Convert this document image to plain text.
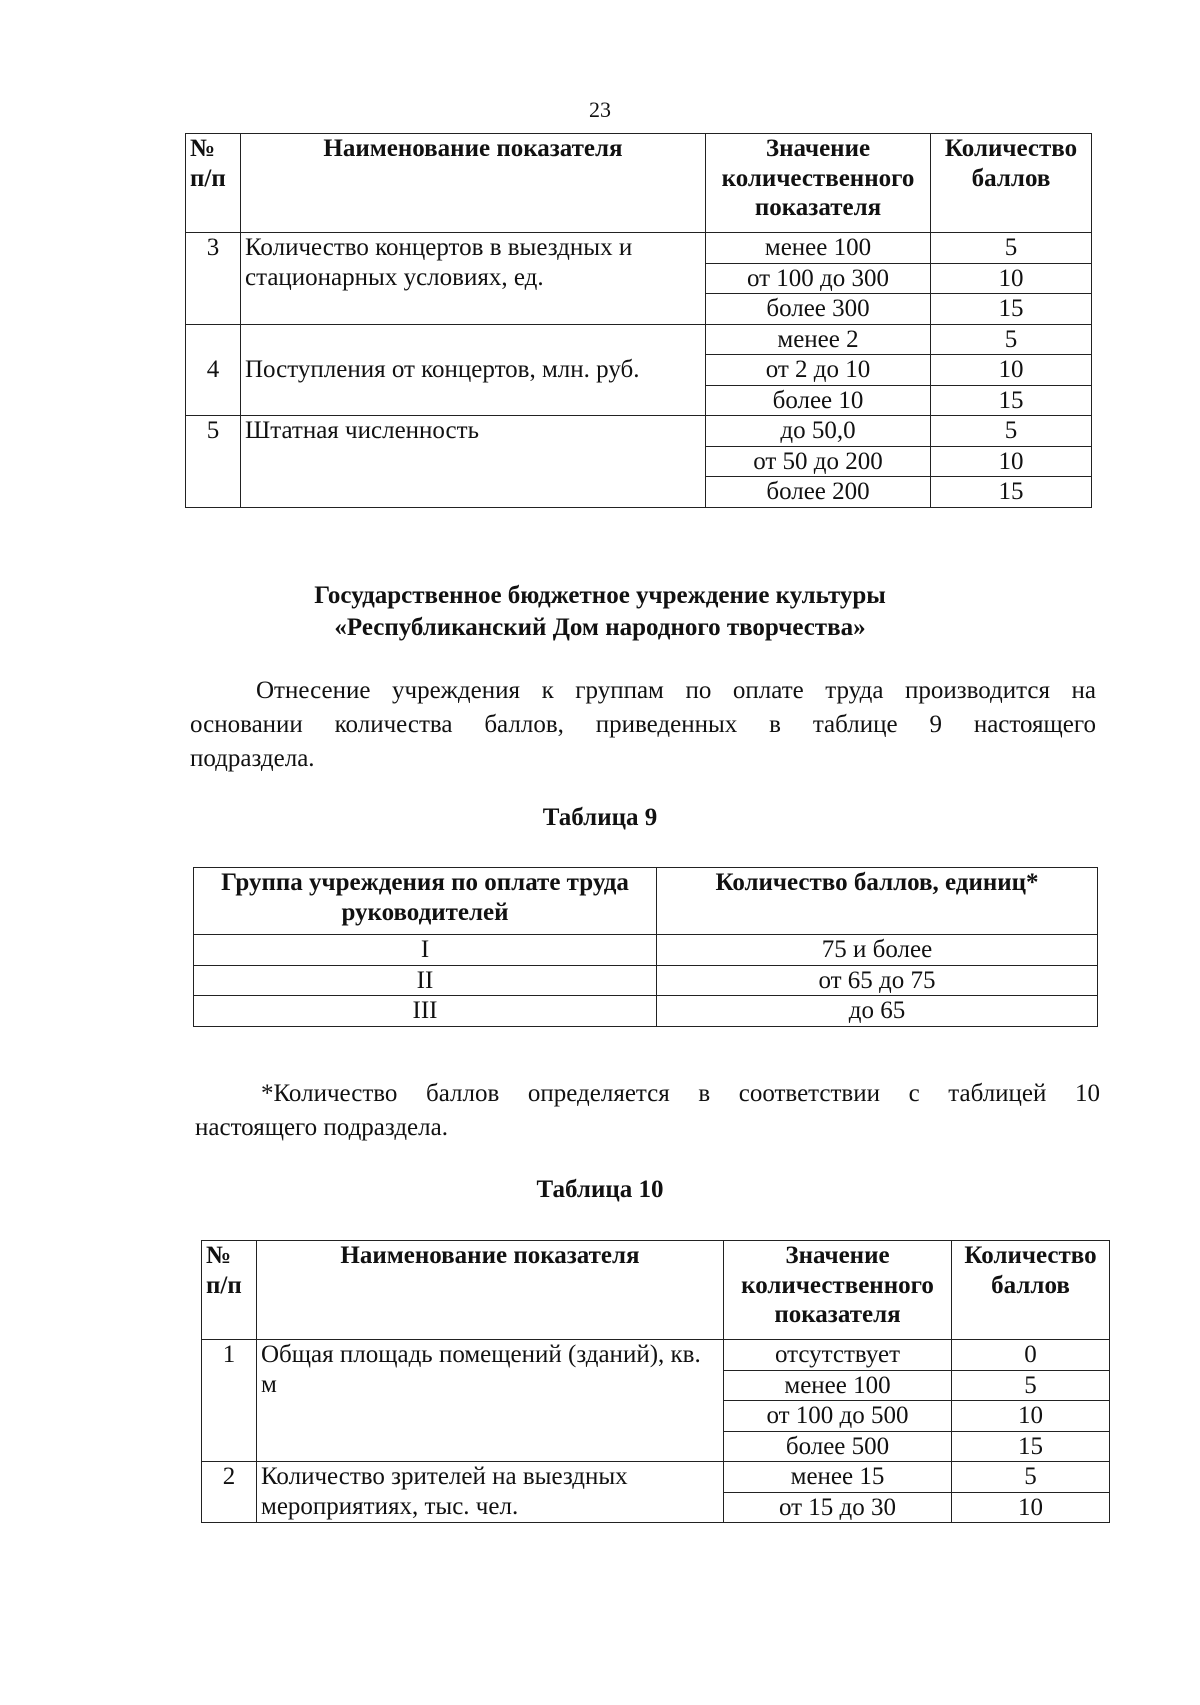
23
№ п/п	Наименование показателя	Значение количественного показателя	Количество баллов
3	Количество концертов в выездных и стационарных условиях, ед.	менее 100	5
		от 100 до 300	10
		более 300	15
4	Поступления от концертов, млн. руб.	менее 2	5
		от 2 до 10	10
		более 10	15
5	Штатная численность	до 50,0	5
		от 50 до 200	10
		более 200	15
Государственное бюджетное учреждение культуры
«Республиканский Дом народного творчества»
Отнесение учреждения к группам по оплате труда производится на
основании количества баллов, приведенных в таблице 9 настоящего
подраздела.
Таблица 9
Группа учреждения по оплате труда руководителей	Количество баллов, единиц*
I	75 и более
II	от 65 до 75
III	до 65
*Количество баллов определяется в соответствии с таблицей 10
настоящего подраздела.
Таблица 10
№ п/п	Наименование показателя	Значение количественного показателя	Количество баллов
1	Общая площадь помещений (зданий), кв. м	отсутствует	0
		менее 100	5
		от 100 до 500	10
		более 500	15
2	Количество зрителей на выездных мероприятиях, тыс. чел.	менее 15	5
		от 15 до 30	10
